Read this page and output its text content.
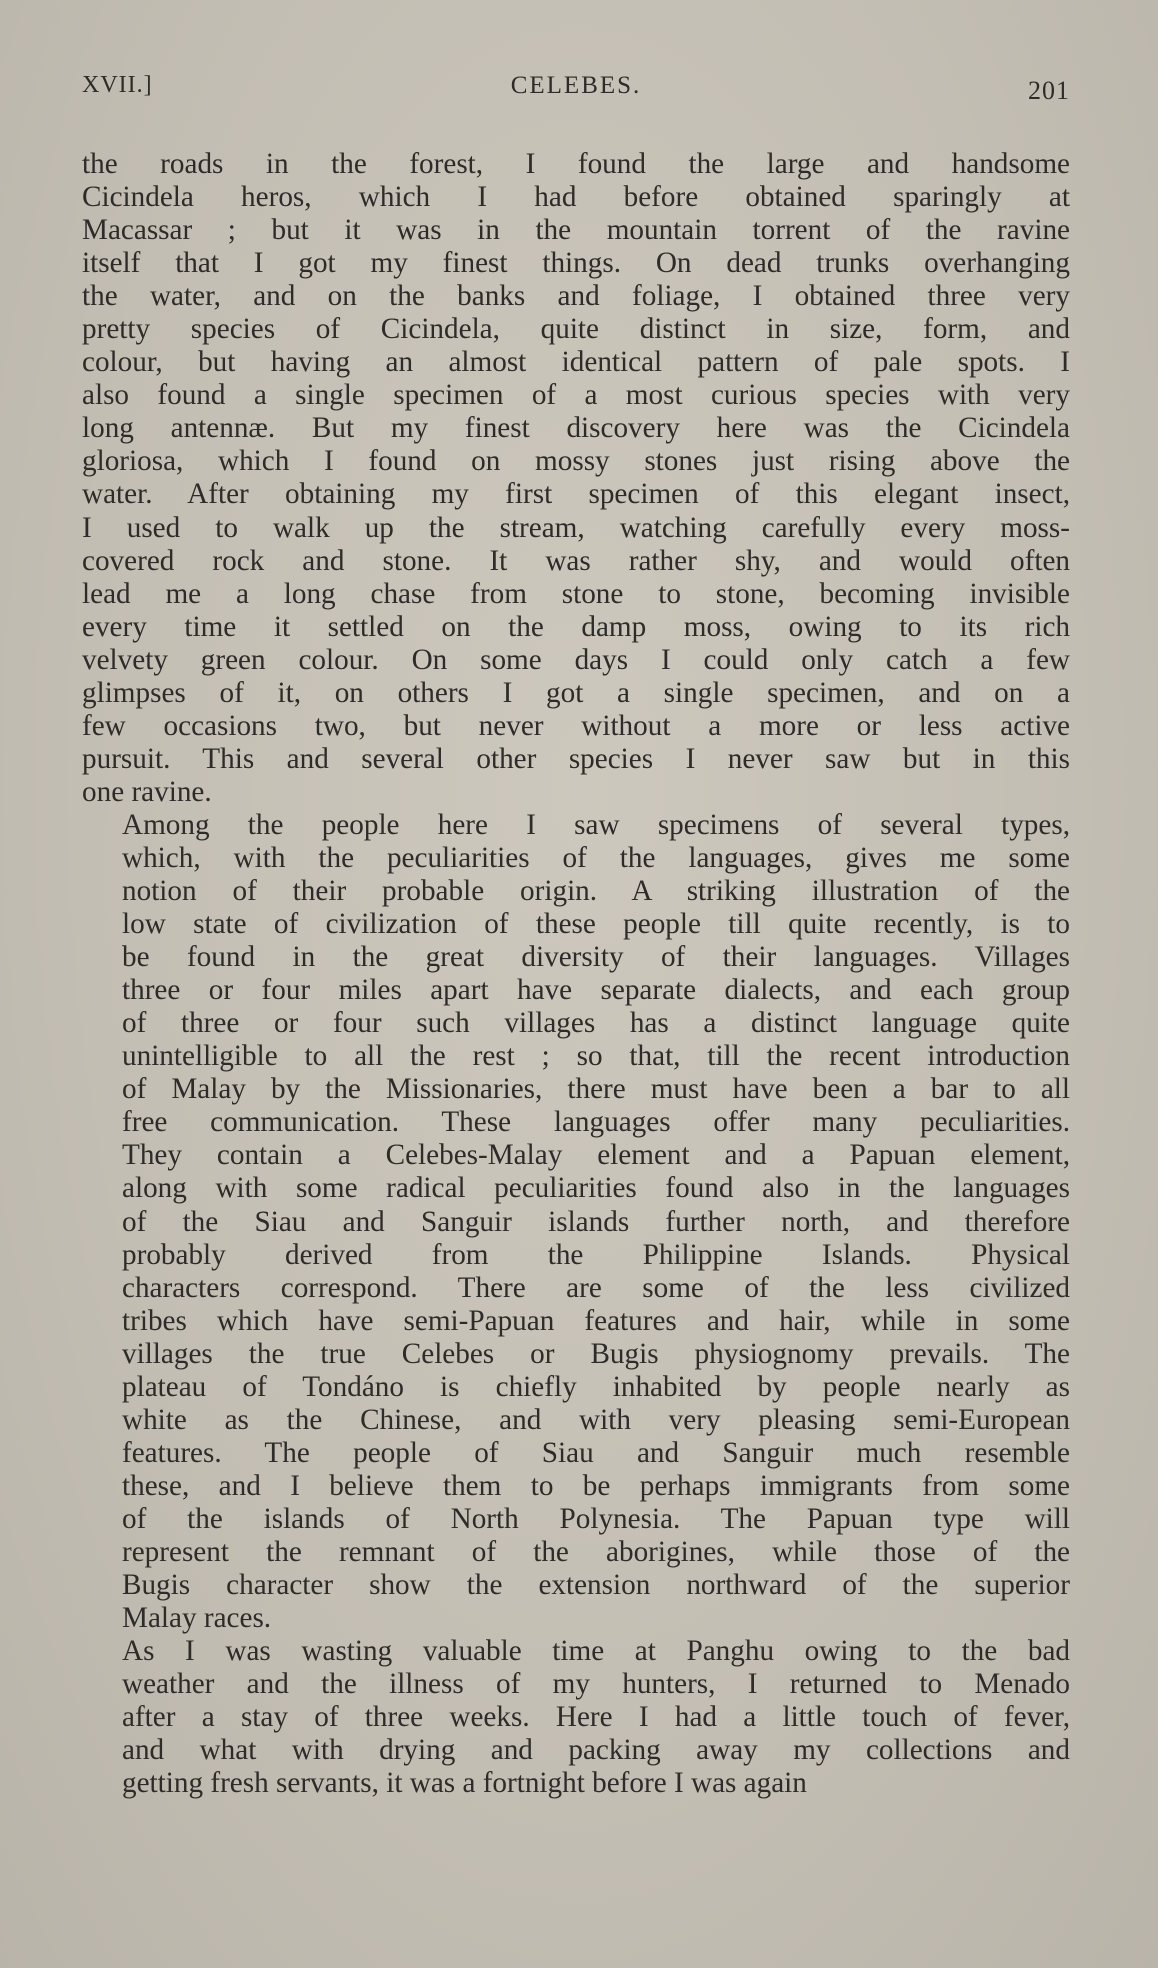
XVII.]	CELEBES.	201
the roads in the forest, I found the large and handsome
Cicindela heros, which I had before obtained sparingly at
Macassar ; but it was in the mountain torrent of the ravine
itself that I got my finest things. On dead trunks overhanging
the water, and on the banks and foliage, I obtained three very
pretty species of Cicindela, quite distinct in size, form, and
colour, but having an almost identical pattern of pale spots. I
also found a single specimen of a most curious species with very
long antennæ. But my finest discovery here was the Cicindela
gloriosa, which I found on mossy stones just rising above the
water. After obtaining my first specimen of this elegant insect,
I used to walk up the stream, watching carefully every moss-
covered rock and stone. It was rather shy, and would often
lead me a long chase from stone to stone, becoming invisible
every time it settled on the damp moss, owing to its rich
velvety green colour. On some days I could only catch a few
glimpses of it, on others I got a single specimen, and on a
few occasions two, but never without a more or less active
pursuit. This and several other species I never saw but in this
one ravine.
Among the people here I saw specimens of several types,
which, with the peculiarities of the languages, gives me some
notion of their probable origin. A striking illustration of the
low state of civilization of these people till quite recently, is to
be found in the great diversity of their languages. Villages
three or four miles apart have separate dialects, and each group
of three or four such villages has a distinct language quite
unintelligible to all the rest ; so that, till the recent introduction
of Malay by the Missionaries, there must have been a bar to all
free communication. These languages offer many peculiarities.
They contain a Celebes-Malay element and a Papuan element,
along with some radical peculiarities found also in the languages
of the Siau and Sanguir islands further north, and therefore
probably derived from the Philippine Islands. Physical
characters correspond. There are some of the less civilized
tribes which have semi-Papuan features and hair, while in some
villages the true Celebes or Bugis physiognomy prevails. The
plateau of Tondáno is chiefly inhabited by people nearly as
white as the Chinese, and with very pleasing semi-European
features. The people of Siau and Sanguir much resemble
these, and I believe them to be perhaps immigrants from some
of the islands of North Polynesia. The Papuan type will
represent the remnant of the aborigines, while those of the
Bugis character show the extension northward of the superior
Malay races.
As I was wasting valuable time at Panghu owing to the bad
weather and the illness of my hunters, I returned to Menado
after a stay of three weeks. Here I had a little touch of fever,
and what with drying and packing away my collections and
getting fresh servants, it was a fortnight before I was again
